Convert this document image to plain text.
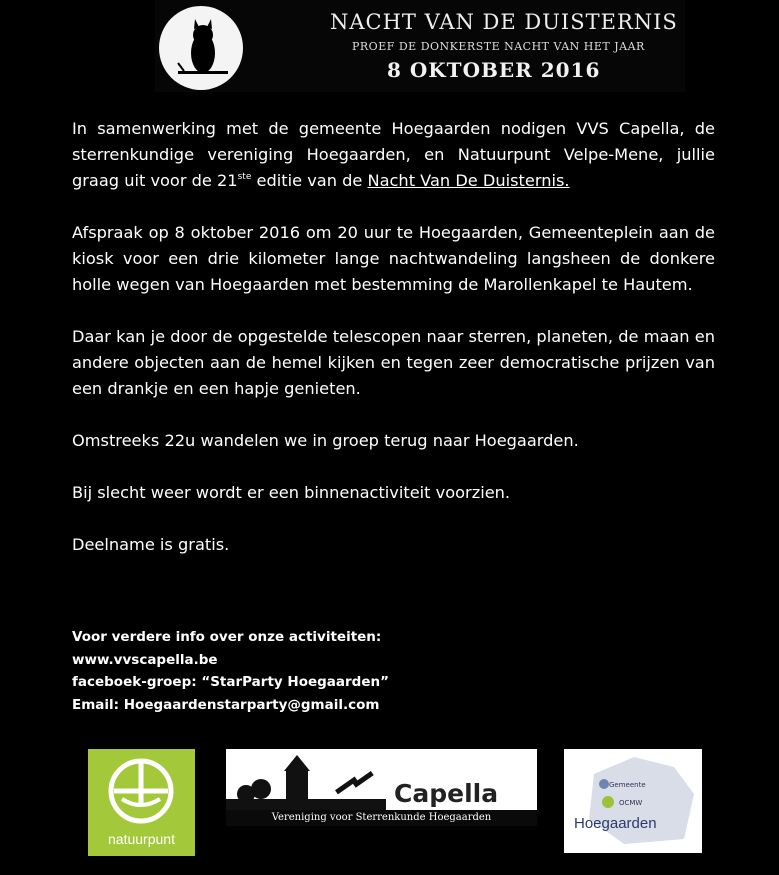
NACHT VAN DE DUISTERNIS
PROEF DE DONKERSTE NACHT VAN HET JAAR
8 OKTOBER 2016

In samenwerking met de gemeente Hoegaarden nodigen VVS Capella, de sterrenkundige vereniging Hoegaarden, en Natuurpunt Velpe-Mene, jullie graag uit voor de 21ste editie van de Nacht Van De Duisternis.

Afspraak op 8 oktober 2016 om 20 uur te Hoegaarden, Gemeenteplein aan de kiosk voor een drie kilometer lange nachtwandeling langsheen de donkere holle wegen van Hoegaarden met bestemming de Marollenkapel te Hautem.

Daar kan je door de opgestelde telescopen naar sterren, planeten, de maan en andere objecten aan de hemel kijken en tegen zeer democratische prijzen van een drankje en een hapje genieten.

Omstreeks 22u wandelen we in groep terug naar Hoegaarden.

Bij slecht weer wordt er een binnenactiviteit voorzien.

Deelname is gratis.

Voor verdere info over onze activiteiten:
www.vvscapella.be
faceboek-groep: “StarParty Hoegaarden”
Email: Hoegaardenstarparty@gmail.com
natuurpunt
Capella
Vereniging voor Sterrenkunde Hoegaarden
Gemeente
OCMW
Hoegaarden
